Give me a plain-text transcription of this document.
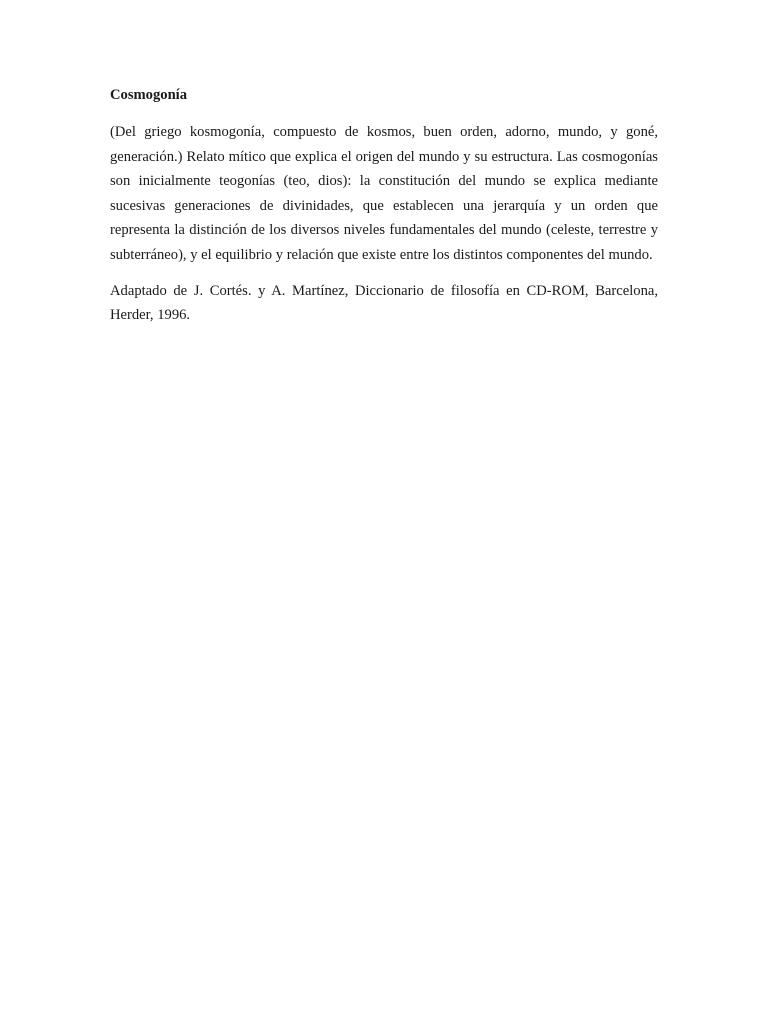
Cosmogonía

(Del griego kosmogonía, compuesto de kosmos, buen orden, adorno, mundo, y goné, generación.) Relato mítico que explica el origen del mundo y su estructura. Las cosmogonías son inicialmente teogonías (teo, dios): la constitución del mundo se explica mediante sucesivas generaciones de divinidades, que establecen una jerarquía y un orden que representa la distinción de los diversos niveles fundamentales del mundo (celeste, terrestre y subterráneo), y el equilibrio y relación que existe entre los distintos componentes del mundo.

Adaptado de J. Cortés. y A. Martínez, Diccionario de filosofía en CD-ROM, Barcelona, Herder, 1996.
